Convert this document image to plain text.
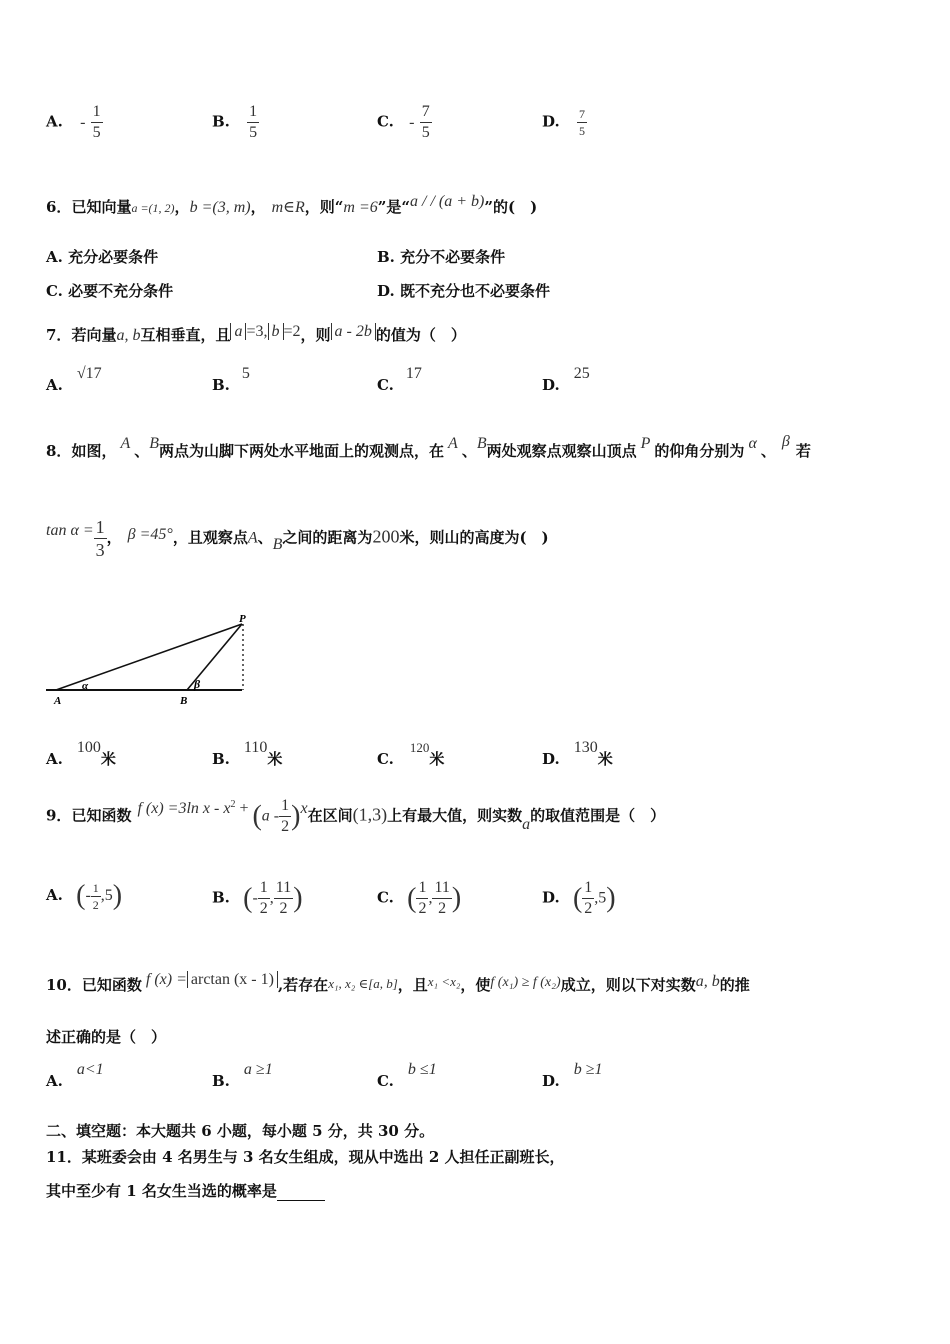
A. - $\frac{1}{5}$	B. $\frac{1}{5}$	C. - $\frac{7}{5}$	D. $\frac{7}{5}$
6．已知向量a =(1, 2)，b =(3, m)， m∈R，则“m =6”是“a / / (a + b)”的(　)
A. 充分必要条件	B. 充分不必要条件
C. 必要不充分条件	D. 既不充分也不必要条件
7．若向量a, b互相垂直，且 a =3, b =2，则 a - 2b 的值为（　）
A.√17
B.5
C.17
D.25
8．如图， A 、B两点为山脚下两处水平地面上的观测点，在 A 、B两处观察点观察山顶点 P 的仰角分别为 α 、β若
$\tan \alpha = \frac{1}{3}$ ， β =45°，且观察点A、B之间的距离为200米，则山的高度为(　)
A	B
P
α	β
A.100米	B.110米	C.120米	D.130米
9．已知函数 f (x) =3ln $x - x^2 + (a - \frac{1}{2} )x$在区间(1,3)上有最大值，则实数a的取值范围是（　）
A. (- $\frac{1}{2} ,5$)	B. (- $\frac{1}{2}$ , $\frac{11}{2}$ )	C. ( $\frac{1}{2}$ , $\frac{11}{2}$ )	D. ( $\frac{1}{2} ,5$)
10．已知函数 f (x) = arctan (x - 1) ,若存在x₁, x₂ ∈[a, b]，且x₁ <x₂，使f (x₁) ≥ f (x₂)成立，则以下对实数a, b的推
述正确的是（　）
A.a<1
B.a ≥1
C.b ≤1
D.b ≥1
二、填空题：本大题共 6 小题，每小题 5 分，共 30 分。
11．某班委会由 4 名男生与 3 名女生组成，现从中选出 2 人担任正副班长，
其中至少有 1 名女生当选的概率是
